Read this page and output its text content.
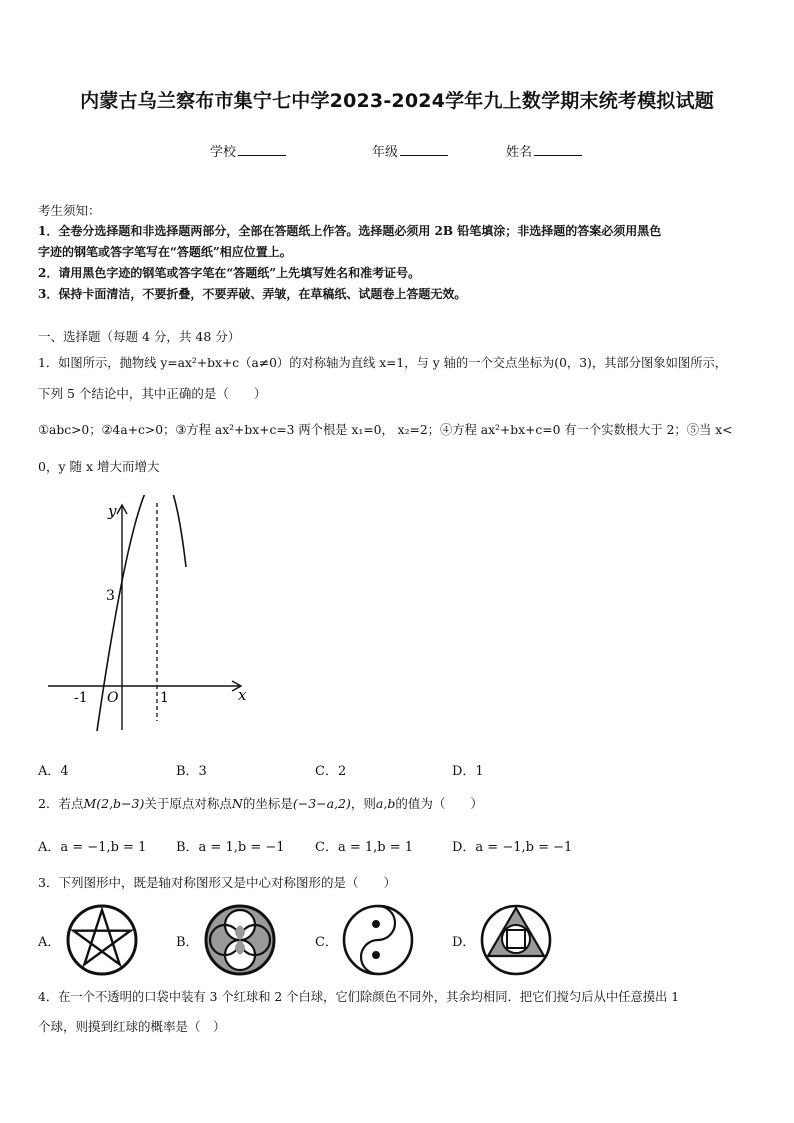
内蒙古乌兰察布市集宁七中学2023-2024学年九上数学期末统考模拟试题
学校	年级	姓名
考生须知：
1．全卷分选择题和非选择题两部分，全部在答题纸上作答。选择题必须用 2B 铅笔填涂；非选择题的答案必须用黑色
字迹的钢笔或答字笔写在“答题纸”相应位置上。
2．请用黑色字迹的钢笔或答字笔在“答题纸”上先填写姓名和准考证号。
3．保持卡面清洁，不要折叠，不要弄破、弄皱，在草稿纸、试题卷上答题无效。
一、选择题（每题 4 分，共 48 分）
1．如图所示，抛物线 y=ax²+bx+c（a≠0）的对称轴为直线 x=1，与 y 轴的一个交点坐标为(0，3)，其部分图象如图所示，
下列 5 个结论中，其中正确的是（　　）
①abc>0；②4a+c>0；③方程 ax²+bx+c=3 两个根是 x₁=0， x₂=2；④方程 ax²+bx+c=0 有一个实数根大于 2；⑤当 x<
0，y 随 x 增大而增大
y
x
O
3
-1	1
A．4	B．3	C．2	D．1
2．若点M(2,b−3)关于原点对称点N的坐标是(−3−a,2)，则a,b的值为（　　）
A．a = −1,b = 1 B．a = 1,b = −1 C．a = 1,b = 1	D．a = −1,b = −1
3．下列图形中，既是轴对称图形又是中心对称图形的是（　　）
A．	B．	C．	D．
4．在一个不透明的口袋中装有 3 个红球和 2 个白球，它们除颜色不同外，其余均相同．把它们搅匀后从中任意摸出 1
个球，则摸到红球的概率是（　）
